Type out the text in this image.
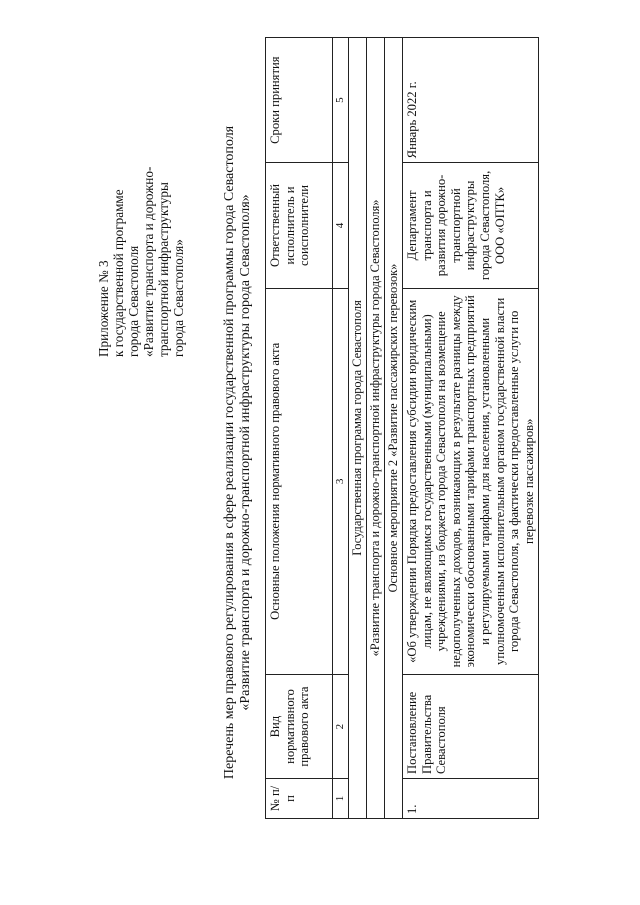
Приложение № 3 к государственной программе города Севастополя «Развитие транспорта и дорожно- транспортной инфраструктуры города Севастополя»	Перечень мер правового регулирования в сфере реализации государственной программы города Севастополя «Развитие транспорта и дорожно-транспортной инфраструктуры города Севастополя»
№ п/п	Вид нормативного правового акта	Основные положения нормативного правового акта	Ответственный исполнитель и соисполнители	Сроки принятия
1	2	3	4	5
Государственная программа города Севастополя				
«Развитие транспорта и дорожно-транспортной инфраструктуры города Севастополя»				
Основное мероприятие 2 «Развитие пассажирских перевозок»				
1.	Постановление Правительства Севастополя	«Об утверждении Порядка предоставления субсидии юридическим лицам, не являющимся государственными (муниципальными) учреждениями, из бюджета города Севастополя на возмещение недополученных доходов, возникающих в результате разницы между экономически обоснованными тарифами транспортных предприятий и регулируемыми тарифами для населения, установленными уполномоченным исполнительным органом государственной власти города Севастополя, за фактически предоставленные услуги по перевозке пассажиров»	Департамент транспорта и развития дорожно-транспортной инфраструктуры города Севастополя, ООО «ОПТК»	Январь 2022 г.
